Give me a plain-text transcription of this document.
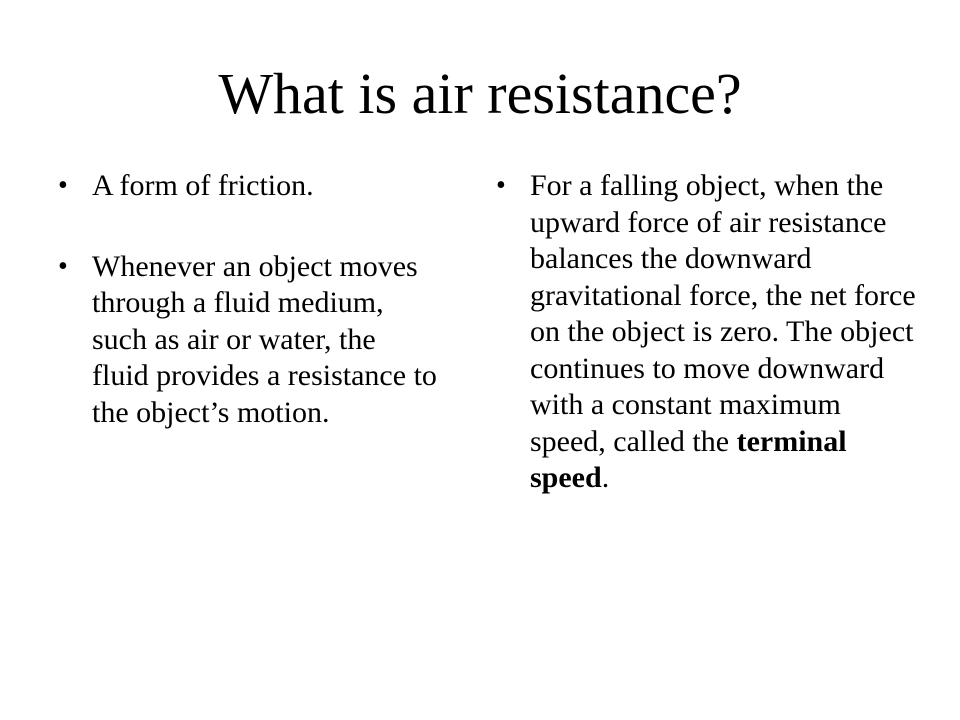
What is air resistance?
• A form of friction.
• Whenever an object moves through a fluid medium, such as air or water, the fluid provides a resistance to the object’s motion.
• For a falling object, when the upward force of air resistance balances the downward gravitational force, the net force on the object is zero. The object continues to move downward with a constant maximum speed, called the terminal speed.
